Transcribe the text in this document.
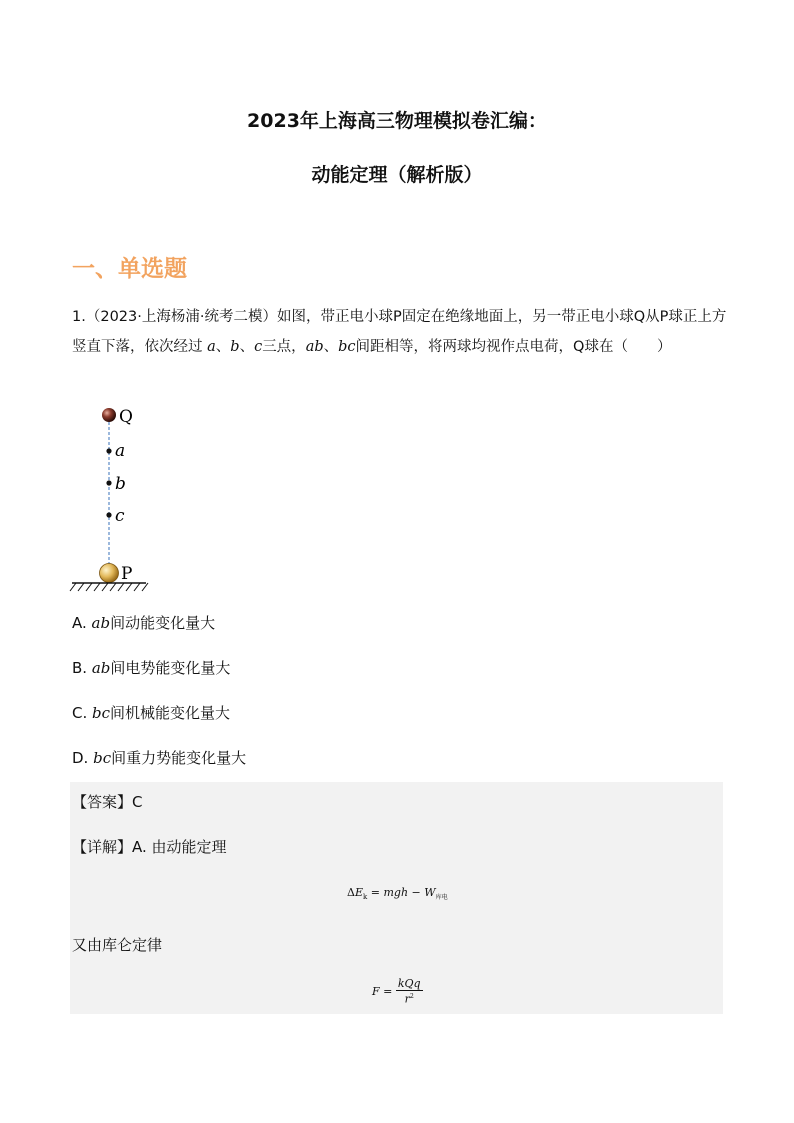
2023年上海高三物理模拟卷汇编：
动能定理（解析版）
一、单选题
1.（2023·上海杨浦·统考二模）如图，带正电小球P固定在绝缘地面上，另一带正电小球Q从P球正上方竖直下落，依次经过 a、b、c三点，ab、bc间距相等，将两球均视作点电荷，Q球在（　　）
Q
a
b
c
P
A. ab间动能变化量大
B. ab间电势能变化量大
C. bc间机械能变化量大
D. bc间重力势能变化量大
【答案】C
【详解】A. 由动能定理
$\Delta E_k$ = mgh − $W_{库电}$
又由库仑定律
$F = \frac{\text{kQq}}{r^2}$
